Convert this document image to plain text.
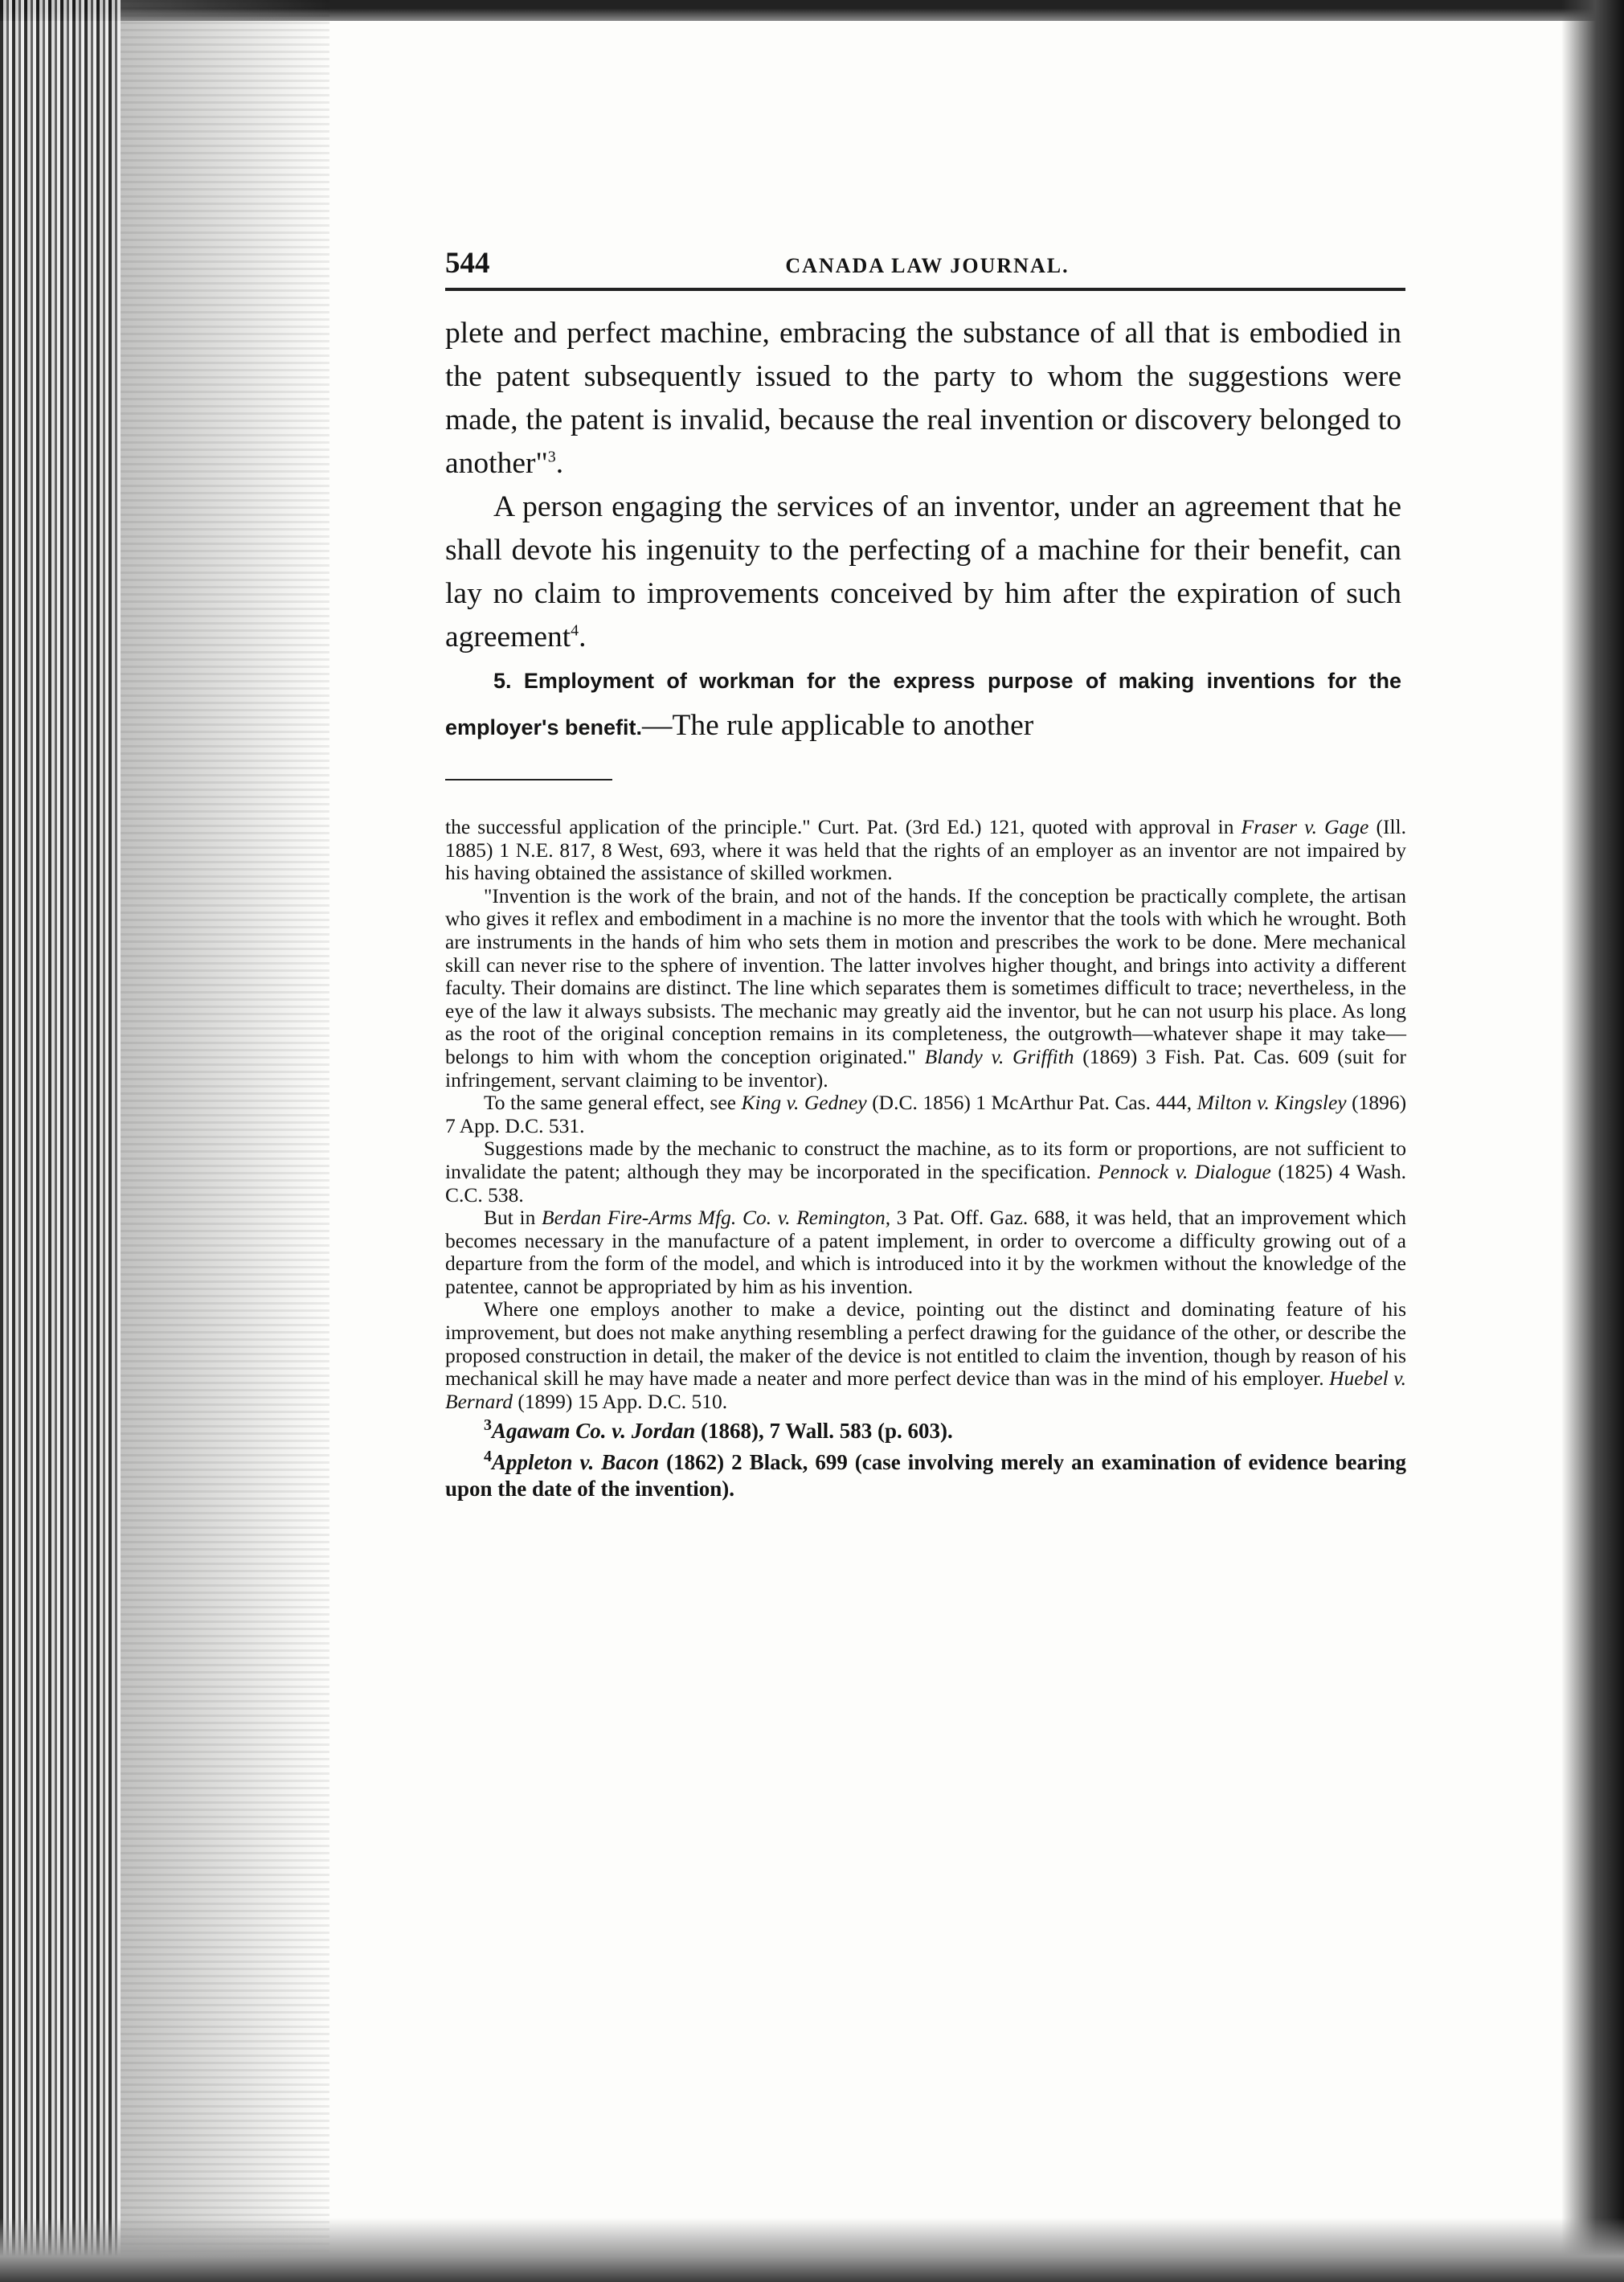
544	CANADA LAW JOURNAL.

plete and perfect machine, embracing the substance of all that is embodied in the patent subsequently issued to the party to whom the suggestions were made, the patent is invalid, because the real invention or discovery belonged to another"$^3$.

A person engaging the services of an inventor, under an agreement that he shall devote his ingenuity to the perfecting of a machine for their benefit, can lay no claim to improvements conceived by him after the expiration of such agreement$^4$.

5. Employment of workman for the express purpose of making inventions for the employer's benefit.—The rule applicable to another

the successful application of the principle." Curt. Pat. (3rd Ed.) 121, quoted with approval in Fraser v. Gage (Ill. 1885) 1 N.E. 817, 8 West, 693, where it was held that the rights of an employer as an inventor are not impaired by his having obtained the assistance of skilled workmen.

"Invention is the work of the brain, and not of the hands. If the conception be practically complete, the artisan who gives it reflex and embodiment in a machine is no more the inventor that the tools with which he wrought. Both are instruments in the hands of him who sets them in motion and prescribes the work to be done. Mere mechanical skill can never rise to the sphere of invention. The latter involves higher thought, and brings into activity a different faculty. Their domains are distinct. The line which separates them is sometimes difficult to trace; nevertheless, in the eye of the law it always subsists. The mechanic may greatly aid the inventor, but he can not usurp his place. As long as the root of the original conception remains in its completeness, the outgrowth—whatever shape it may take—belongs to him with whom the conception originated." Blandy v. Griffith (1869) 3 Fish. Pat. Cas. 609 (suit for infringement, servant claiming to be inventor).

To the same general effect, see King v. Gedney (D.C. 1856) 1 McArthur Pat. Cas. 444, Milton v. Kingsley (1896) 7 App. D.C. 531.

Suggestions made by the mechanic to construct the machine, as to its form or proportions, are not sufficient to invalidate the patent; although they may be incorporated in the specification. Pennock v. Dialogue (1825) 4 Wash. C.C. 538.

But in Berdan Fire-Arms Mfg. Co. v. Remington, 3 Pat. Off. Gaz. 688, it was held, that an improvement which becomes necessary in the manufacture of a patent implement, in order to overcome a difficulty growing out of a departure from the form of the model, and which is introduced into it by the workmen without the knowledge of the patentee, cannot be appropriated by him as his invention.

Where one employs another to make a device, pointing out the distinct and dominating feature of his improvement, but does not make anything resembling a perfect drawing for the guidance of the other, or describe the proposed construction in detail, the maker of the device is not entitled to claim the invention, though by reason of his mechanical skill he may have made a neater and more perfect device than was in the mind of his employer. Huebel v. Bernard (1899) 15 App. D.C. 510.

$^3$Agawam Co. v. Jordan (1868), 7 Wall. 583 (p. 603).

$^4$Appleton v. Bacon (1862) 2 Black, 699 (case involving merely an examination of evidence bearing upon the date of the invention).
